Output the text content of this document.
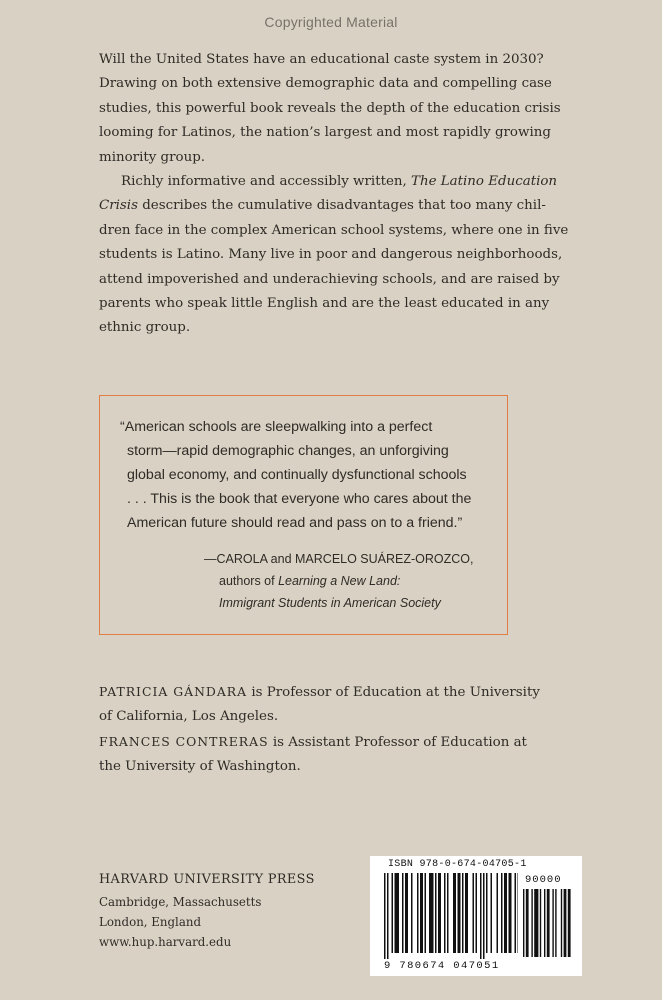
Copyrighted Material

Will the United States have an educational caste system in 2030?
Drawing on both extensive demographic data and compelling case
studies, this powerful book reveals the depth of the education crisis
looming for Latinos, the nation’s largest and most rapidly growing
minority group.

Richly informative and accessibly written, The Latino Education
Crisis describes the cumulative disadvantages that too many chil-
dren face in the complex American school systems, where one in five
students is Latino. Many live in poor and dangerous neighborhoods,
attend impoverished and underachieving schools, and are raised by
parents who speak little English and are the least educated in any
ethnic group.

“American schools are sleepwalking into a perfect
storm—rapid demographic changes, an unforgiving
global economy, and continually dysfunctional schools
. . . This is the book that everyone who cares about the
American future should read and pass on to a friend.”
—CAROLA and MARCELO SUÁREZ-OROZCO,
authors of Learning a New Land:
Immigrant Students in American Society

PATRICIA GÁNDARA is Professor of Education at the University
of California, Los Angeles.

FRANCES CONTRERAS is Assistant Professor of Education at
the University of Washington.

HARVARD UNIVERSITY PRESS
Cambridge, Massachusetts
London, England
www.hup.harvard.edu
ISBN 978-0-674-04705-1
90000
9 780674 047051
